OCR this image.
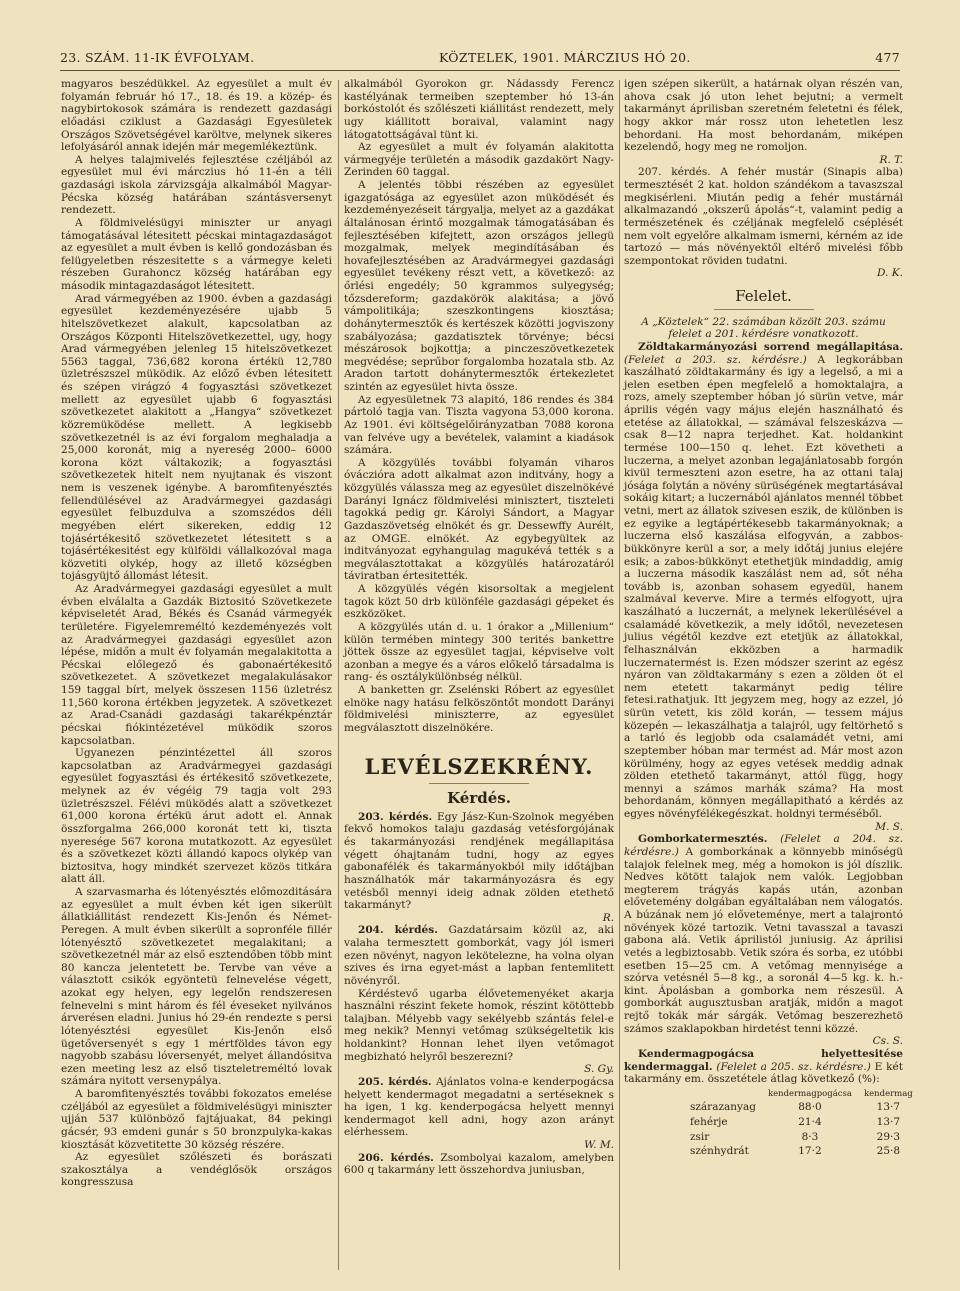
23. SZÁM. 11-IK ÉVFOLYAM.	KÖZTELEK, 1901. MÁRCZIUS HÓ 20.	477

magyaros beszédükkel. Az egyesület a mult év folyamán február hó 17., 18. és 19. a közép- és nagybirtokosok számára is rendezett gazdasági előadási cziklust a Gazdasági Egyesületek Országos Szövetségével karöltve, melynek sikeres lefolyásáról annak idején már megemlékeztünk.

A helyes talajmivelés fejlesztése czéljából az egyesület mul évi márczius hó 11-én a téli gazdasági iskola zárvizsgája alkalmából Magyar-Pécska község határában szántásversenyt rendezett.

A földmivelésügyi miniszter ur anyagi támogatásával létesitett pécskai mintagazdaságot az egyesület a mult évben is kellő gondozásban és felügyeletben részesitette s a vármegye keleti részeben Gurahoncz község határában egy második mintagazdaságot létesitett.

Arad vármegyében az 1900. évben a gazdasági egyesület kezdeményezésére ujabb 5 hitelszövetkezet alakult, kapcsolatban az Országos Központi Hitelszövetkezettel, ugy, hogy Arad vármegyében jelenleg 15 hitelszövetkezet 5563 taggal, 736,682 korona értékü 12,780 üzletrészszel müködik. Az előző évben létesitett és szépen virágzó 4 fogyasztási szövetkezet mellett az egyesület ujabb 6 fogyasztási szövetkezetet alakitott a „Hangya“ szövetkezet közremüködése mellett. A legkisebb szövetkezetnél is az évi forgalom meghaladja a 25,000 koronát, mig a nyereség 2000– 6000 korona közt váltakozik; a fogyasztási szövetkezetek hitelt nem nyujtanak és viszont nem is veszenek igénybe. A baromfitenyésztés fellendülésével az Aradvármegyei gazdasági egyesület felbuzdulva a szomszédos déli megyében elért sikereken, eddig 12 tojásértékesitő szövetkezetet létesitett s a tojásértékesitést egy külföldi vállalkozóval maga közvetiti olykép, hogy az illető községben tojásgyüjtő állomást létesit.

Az Aradvármegyei gazdasági egyesület a mult évben elválalta a Gazdák Biztositó Szövetkezete képviseletét Arad, Békés és Csanád vármegyék területére. Figyelemreméltó kezdeményezés volt az Aradvármegyei gazdasági egyesület azon lépése, midőn a mult év folyamán megalakitotta a Pécskai előlegező és gabonaértékesitő szövetkezetet. A szövetkezet megalakulásakor 159 taggal bírt, melyek összesen 1156 üzletrész 11,560 korona értékben jegyzetek. A szövetkezet az Arad-Csanádi gazdasági takarékpénztár pécskai fiókintézetével müködik szoros kapcsolatban.

Ugyanezen pénzintézettel áll szoros kapcsolatban az Aradvármegyei gazdasági egyesület fogyasztási és értékesitő szövetkezete, melynek az év végéig 79 tagja volt 293 üzletrészszel. Félévi müködés alatt a szövetkezet 61,000 korona értékü árut adott el. Annak összforgalma 266,000 koronát tett ki, tiszta nyeresége 567 korona mutatkozott. Az egyesület és a szövetkezet közti állandó kapocs olykép van biztositva, hogy mindkét szervezet közös titkára alatt áll.

A szarvasmarha és lótenyésztés előmozditására az egyesület a mult évben két igen sikerült állatkiállitást rendezett Kis-Jenőn és Német-Peregen. A mult évben sikerült a sopronféle fillér lótenyésztő szövetkezetet megalakitani; a szövetkezetnél már az első esztendőben több mint 80 kancza jelentetett be. Tervbe van véve a választott csikók egyöntetü felnevelése végett, azokat egy helyen, egy legelőn rendszeresen felnevelni s mint három és fél éveseket nyilvános árverésen eladni. Junius hó 29-én rendezte s persi lótenyésztési egyesület Kis-Jenőn első ügetőversenyét s egy 1 mértföldes távon egy nagyobb szabásu lóversenyét, melyet állandósitva ezen meeting lesz az első tiszteletreméltó lovak számára nyitott versenypálya.

A baromfitenyésztés további fokozatos emelése czéljából az egyesület a földmivelésügyi miniszter ujján 537 különböző fajtájuakat, 84 pekingi gácsér, 93 emdeni gunár s 50 bronzpulyka-kakas kiosztását közvetitette 30 község részére.

Az egyesület szőlészeti és borászati szakosztálya a vendéglősök országos kongresszusa

alkalmából Gyorokon gr. Nádassdy Ferencz kastélyának termeiben szeptember hó 13-án borkóstolót és szőlészeti kiállitást rendezett, mely ugy kiállitott boraival, valamint nagy látogatottságával tünt ki.

Az egyesület a mult év folyamán alakitotta vármegyéje területén a második gazdakört Nagy-Zerinden 60 taggal.

A jelentés többi részében az egyesület igazgatósága az egyesület azon müködését és kezdeményezéseit tárgyalja, melyet az a gazdákat általánosan érintő mozgalmak támogatásában és fejlesztésében kifejtett, azon országos jellegü mozgalmak, melyek megindításában és hovafejlesztésében az Aradvármegyei gazdasági egyesület tevékeny részt vett, a következő: az őrlési engedély; 50 kgrammos sulyegység; tőzsdereform; gazdakörök alakitása; a jövő vámpolitikája; szeszkontingens kiosztása; dohánytermesztők és kertészek közötti jogviszony szabályozása; gazdatisztek törvénye; bécsi mészárosok bojkottja; a pinczeszövetkezetek megvédése; seprűbor forgalomba hozatala stb. Az Aradon tartott dohánytermesztők értekezletet szintén az egyesület hivta össze.

Az egyesületnek 73 alapitó, 186 rendes és 384 pártoló tagja van. Tiszta vagyona 53,000 korona. Az 1901. évi költségelőirányzatban 7088 korona van felvéve ugy a bevételek, valamint a kiadások számára.

A közgyülés további folyamán viharos óváczióra adott alkalmat azon inditvány, hogy a közgyülés válassza meg az egyesület diszelnökévé Darányi Ignácz földmivelési minisztert, tiszteleti tagokká pedig gr. Károlyi Sándort, a Magyar Gazdaszövetség elnökét és gr. Dessewffy Aurélt, az OMGE. elnökét. Az egybegyültek az inditványozat egyhangulag magukévá tették s a megválasztottakat a közgyülés határozatáról táviratban értesitették.

A közgyülés végén kisorsoltak a megjelent tagok közt 50 drb különféle gazdasági gépeket és eszközöket.

A közgyülés után d. u. 1 órakor a „Millenium“ külön termében mintegy 300 terités bankettre jöttek össze az egyesület tagjai, képviselve volt azonban a megye és a város előkelő társadalma is rang- és osztálykülönbség nélkül.

A banketten gr. Zselénski Róbert az egyesület elnöke nagy hatásu felköszöntőt mondott Darányi földmivelési miniszterre, az egyesület megválasztott diszelnökére.

LEVÉLSZEKRÉNY.
Kérdés.

203. kérdés. Egy Jász-Kun-Szolnok megyében fekvő homokos talaju gazdaság vetésforgójának és takarmányozási rendjének megállapitása végett óhajtanám tudni, hogy az egyes gabonafélék és takarmányokból mily időtájban használhatók már takarmányozásra és egy vetésből mennyi ideig adnak zölden etethető takarmányt?

R.

204. kérdés. Gazdatársaim közül az, aki valaha termesztett gomborkát, vagy jól ismeri ezen növényt, nagyon lekötelezne, ha volna olyan szives és irna egyet-mást a lapban fentemlitett növényről.

Kérdéstevő ugarba élővetemenyéket akarja használni részint fekete homok, részint kötöttebb talajban. Mélyebb vagy sekélyebb szántás felel-e meg nekik? Mennyi vetőmag szükségeltetik kis holdankint? Honnan lehet ilyen vetőmagot megbizható helyről beszerezni?

S. Gy.

205. kérdés. Ajánlatos volna-e kenderpogácsa helyett kendermagot megadatni a sertéseknek s ha igen, 1 kg. kenderpogácsa helyett mennyi kendermagot kell adni, hogy azon arányt elérhessem.

W. M.

206. kérdés. Zsombolyai kazalom, amelyben 600 q takarmány lett összehordva juniusban,

igen szépen sikerült, a határnak olyan részén van, ahova csak jó uton lehet bejutni; a vermelt takarmányt áprilisban szeretném feletetni és félek, hogy akkor már rossz uton lehetetlen lesz behordani. Ha most behordanám, miképen kezelendő, hogy meg ne romoljon.

R. T.

207. kérdés. A fehér mustár (Sinapis alba) termesztését 2 kat. holdon szándékom a tavaszszal megkisérleni. Miután pedig a fehér mustárnál alkalmazandó „okszerű ápolás“-t, valamint pedig a természetének és czéljának megfelelő cséplését nem volt egyelőre alkalmam ismerni, kérném az ide tartozó — más növényektől eltérő mivelési főbb szempontokat röviden tudatni.

D. K.
Felelet.

A „Köztelek“ 22. számában közölt 203. számu felelet a 201. kérdésre vonatkozott.

Zöldtakarmányozási sorrend megállapitása. (Felelet a 203. sz. kérdésre.) A legkorábban kaszálható zöldtakarmány és igy a legelső, a mi a jelen esetben épen megfelelő a homoktalajra, a rozs, amely szeptember hóban jó sürün vetve, már április végén vagy május elején használható és etetése az állatokkal, — számával felszeskázva — csak 8—12 napra terjedhet. Kat. holdankint termése 100—150 q. lehet. Ezt követheti a luczerna, a melyet azonban legajánlatosabb forgón kivül termeszteni azon esetre, ha az ottani talaj jósága folytán a növény sürüségének megtartásával sokáig kitart; a luczernából ajánlatos mennél többet vetni, mert az állatok szivesen eszik, de különben is ez egyike a legtápértékesebb takarmányoknak; a luczerna első kaszálása elfogyván, a zabbos-bükkönyre kerül a sor, a mely időtáj junius elejére esik; a zabos-bükkönyt etethetjük mindaddig, amig a luczerna második kaszálást nem ad, sőt néha tovább is, azonban sohasem egyedül, hanem szalmával keverve. Mire a termés elfogyott, ujra kaszálható a luczernát, a melynek lekerülésével a csalamádé következik, a mely időtől, nevezetesen julius végétől kezdve ezt etetjük az állatokkal, felhasználván ekközben a harmadik luczernatermést is. Ezen módszer szerint az egész nyáron van zöldtakarmány s ezen a zölden öt el nem etetett takarmányt pedig télire fetesi.rathatjuk. Itt jegyzem meg, hogy az ezzel, jó sürün vetett, kis zöld korán, — tessem május közepén — lekaszálhatja a talajról, ugy feltörhető s a tarló és legjobb oda csalamádét vetni, ami szeptember hóban mar termést ad. Már most azon körülmény, hogy az egyes vetések meddig adnak zölden etethető takarmányt, attól függ, hogy mennyi a számos marhák száma? Ha most behordanám, könnyen megállapitható a kérdés az egyes növényfélékegészkat. holdnyi terméséből.

M. S.

Gomborkatermesztés. (Felelet a 204. sz. kérdésre.) A gomborkának a könnyebb minőségü talajok felelnek meg, még a homokon is jól díszlik. Nedves kötött talajok nem valók. Legjobban megterem trágyás kapás után, azonban elővetemény dolgában egyáltalában nem válogatós. A búzának nem jó előveteménye, mert a talajrontó növények közé tartozik. Vetni tavasszal a tavaszi gabona alá. Vetik áprilistól juniusig. Az áprilisi vetés a legbiztosabb. Vetik szóra és sorba, ez utóbbi esetben 15—25 cm. A vetőmag mennyisége a szórva vetésnél 5—8 kg., a soronál 4—5 kg. k. h.-kint. Ápolásban a gomborka nem részesül. A gomborkát augusztusban aratják, midőn a magot rejtő tokák már sárgák. Vetőmag beszerezhetö számos szaklapokban hirdetést tenni közzé.

Cs. S.

Kendermagpogácsa helyettesitése kendermaggal. (Felelet a 205. sz. kérdésre.) E két takarmány em. összetétele átlag következő (%):

	kendermagpogácsa	kendermag
szárazanyag	88·0	13·7
fehérje	21·4	13·7
zsir	8·3	29·3
szénhydrát	17·2	25·8
